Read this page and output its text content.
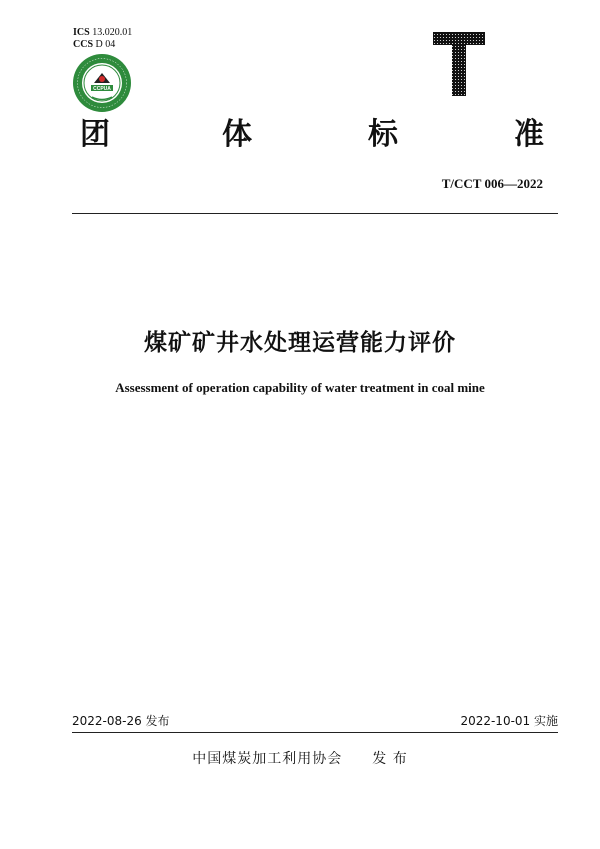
ICS 13.020.01
CCS D 04
CCPUA
团	体	标	准
T/CCT 006—2022
煤矿矿井水处理运营能力评价
Assessment of operation capability of water treatment in coal mine
2022-08-26 发布	2022-10-01 实施
中国煤炭加工利用协会 发 布
